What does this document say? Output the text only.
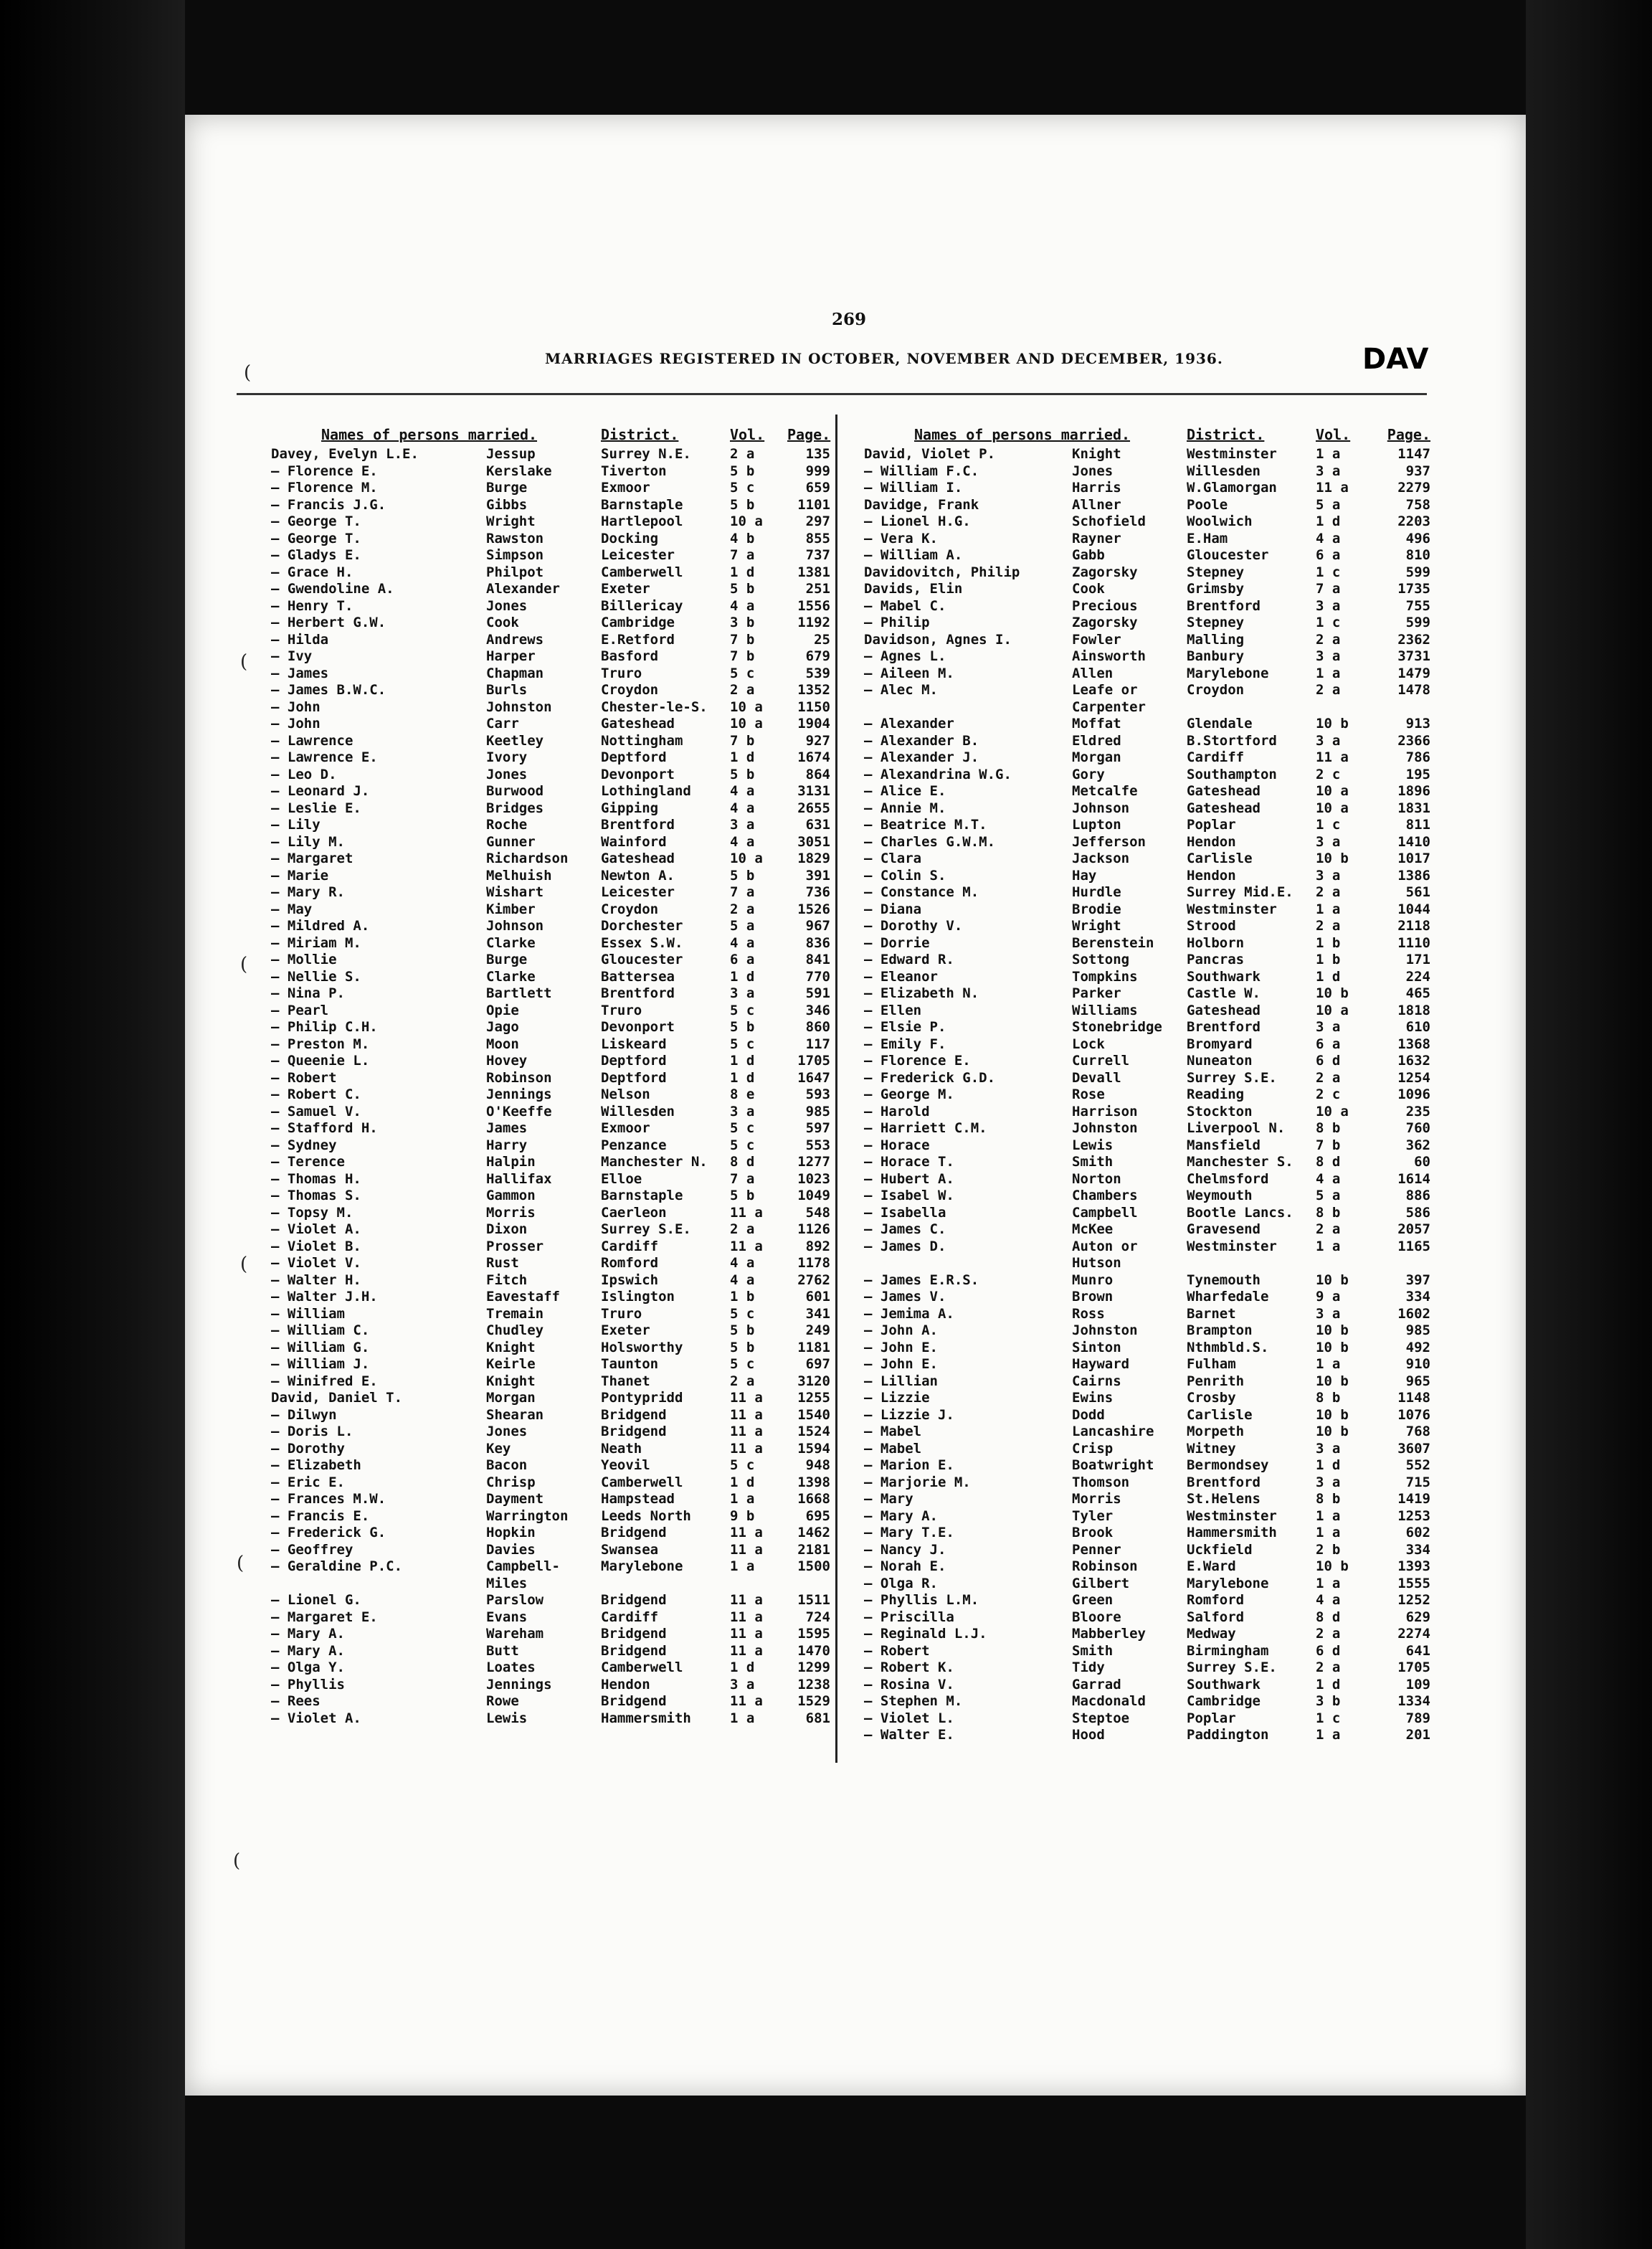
269
MARRIAGES REGISTERED IN OCTOBER, NOVEMBER AND DECEMBER, 1936.	DAV
(
(
(
(
(
(
Names of persons married.	District.	Vol.	Page.
Davey, Evelyn L.E.	Jessup	Surrey N.E.	2 a	135
— Florence E.	Kerslake	Tiverton	5 b	999
— Florence M.	Burge	Exmoor	5 c	659
— Francis J.G.	Gibbs	Barnstaple	5 b	1101
— George T.	Wright	Hartlepool	10 a	297
— George T.	Rawston	Docking	4 b	855
— Gladys E.	Simpson	Leicester	7 a	737
— Grace H.	Philpot	Camberwell	1 d	1381
— Gwendoline A.	Alexander	Exeter	5 b	251
— Henry T.	Jones	Billericay	4 a	1556
— Herbert G.W.	Cook	Cambridge	3 b	1192
— Hilda	Andrews	E.Retford	7 b	25
— Ivy	Harper	Basford	7 b	679
— James	Chapman	Truro	5 c	539
— James B.W.C.	Burls	Croydon	2 a	1352
— John	Johnston	Chester-le-S.	10 a	1150
— John	Carr	Gateshead	10 a	1904
— Lawrence	Keetley	Nottingham	7 b	927
— Lawrence E.	Ivory	Deptford	1 d	1674
— Leo D.	Jones	Devonport	5 b	864
— Leonard J.	Burwood	Lothingland	4 a	3131
— Leslie E.	Bridges	Gipping	4 a	2655
— Lily	Roche	Brentford	3 a	631
— Lily M.	Gunner	Wainford	4 a	3051
— Margaret	Richardson	Gateshead	10 a	1829
— Marie	Melhuish	Newton A.	5 b	391
— Mary R.	Wishart	Leicester	7 a	736
— May	Kimber	Croydon	2 a	1526
— Mildred A.	Johnson	Dorchester	5 a	967
— Miriam M.	Clarke	Essex S.W.	4 a	836
— Mollie	Burge	Gloucester	6 a	841
— Nellie S.	Clarke	Battersea	1 d	770
— Nina P.	Bartlett	Brentford	3 a	591
— Pearl	Opie	Truro	5 c	346
— Philip C.H.	Jago	Devonport	5 b	860
— Preston M.	Moon	Liskeard	5 c	117
— Queenie L.	Hovey	Deptford	1 d	1705
— Robert	Robinson	Deptford	1 d	1647
— Robert C.	Jennings	Nelson	8 e	593
— Samuel V.	O'Keeffe	Willesden	3 a	985
— Stafford H.	James	Exmoor	5 c	597
— Sydney	Harry	Penzance	5 c	553
— Terence	Halpin	Manchester N.	8 d	1277
— Thomas H.	Hallifax	Elloe	7 a	1023
— Thomas S.	Gammon	Barnstaple	5 b	1049
— Topsy M.	Morris	Caerleon	11 a	548
— Violet A.	Dixon	Surrey S.E.	2 a	1126
— Violet B.	Prosser	Cardiff	11 a	892
— Violet V.	Rust	Romford	4 a	1178
— Walter H.	Fitch	Ipswich	4 a	2762
— Walter J.H.	Eavestaff	Islington	1 b	601
— William	Tremain	Truro	5 c	341
— William C.	Chudley	Exeter	5 b	249
— William G.	Knight	Holsworthy	5 b	1181
— William J.	Keirle	Taunton	5 c	697
— Winifred E.	Knight	Thanet	2 a	3120
David, Daniel T.	Morgan	Pontypridd	11 a	1255
— Dilwyn	Shearan	Bridgend	11 a	1540
— Doris L.	Jones	Bridgend	11 a	1524
— Dorothy	Key	Neath	11 a	1594
— Elizabeth	Bacon	Yeovil	5 c	948
— Eric E.	Chrisp	Camberwell	1 d	1398
— Frances M.W.	Dayment	Hampstead	1 a	1668
— Francis E.	Warrington	Leeds North	9 b	695
— Frederick G.	Hopkin	Bridgend	11 a	1462
— Geoffrey	Davies	Swansea	11 a	2181
— Geraldine P.C.	Campbell-	Marylebone	1 a	1500
Miles
— Lionel G.	Parslow	Bridgend	11 a	1511
— Margaret E.	Evans	Cardiff	11 a	724
— Mary A.	Wareham	Bridgend	11 a	1595
— Mary A.	Butt	Bridgend	11 a	1470
— Olga Y.	Loates	Camberwell	1 d	1299
— Phyllis	Jennings	Hendon	3 a	1238
— Rees	Rowe	Bridgend	11 a	1529
— Violet A.	Lewis	Hammersmith	1 a	681
Names of persons married.	District.	Vol.	Page.
David, Violet P.	Knight	Westminster	1 a	1147
— William F.C.	Jones	Willesden	3 a	937
— William I.	Harris	W.Glamorgan	11 a	2279
Davidge, Frank	Allner	Poole	5 a	758
— Lionel H.G.	Schofield	Woolwich	1 d	2203
— Vera K.	Rayner	E.Ham	4 a	496
— William A.	Gabb	Gloucester	6 a	810
Davidovitch, Philip	Zagorsky	Stepney	1 c	599
Davids, Elin	Cook	Grimsby	7 a	1735
— Mabel C.	Precious	Brentford	3 a	755
— Philip	Zagorsky	Stepney	1 c	599
Davidson, Agnes I.	Fowler	Malling	2 a	2362
— Agnes L.	Ainsworth	Banbury	3 a	3731
— Aileen M.	Allen	Marylebone	1 a	1479
— Alec M.	Leafe or	Croydon	2 a	1478
Carpenter
— Alexander	Moffat	Glendale	10 b	913
— Alexander B.	Eldred	B.Stortford	3 a	2366
— Alexander J.	Morgan	Cardiff	11 a	786
— Alexandrina W.G.	Gory	Southampton	2 c	195
— Alice E.	Metcalfe	Gateshead	10 a	1896
— Annie M.	Johnson	Gateshead	10 a	1831
— Beatrice M.T.	Lupton	Poplar	1 c	811
— Charles G.W.M.	Jefferson	Hendon	3 a	1410
— Clara	Jackson	Carlisle	10 b	1017
— Colin S.	Hay	Hendon	3 a	1386
— Constance M.	Hurdle	Surrey Mid.E.	2 a	561
— Diana	Brodie	Westminster	1 a	1044
— Dorothy V.	Wright	Strood	2 a	2118
— Dorrie	Berenstein	Holborn	1 b	1110
— Edward R.	Sottong	Pancras	1 b	171
— Eleanor	Tompkins	Southwark	1 d	224
— Elizabeth N.	Parker	Castle W.	10 b	465
— Ellen	Williams	Gateshead	10 a	1818
— Elsie P.	Stonebridge	Brentford	3 a	610
— Emily F.	Lock	Bromyard	6 a	1368
— Florence E.	Currell	Nuneaton	6 d	1632
— Frederick G.D.	Devall	Surrey S.E.	2 a	1254
— George M.	Rose	Reading	2 c	1096
— Harold	Harrison	Stockton	10 a	235
— Harriett C.M.	Johnston	Liverpool N.	8 b	760
— Horace	Lewis	Mansfield	7 b	362
— Horace T.	Smith	Manchester S.	8 d	60
— Hubert A.	Norton	Chelmsford	4 a	1614
— Isabel W.	Chambers	Weymouth	5 a	886
— Isabella	Campbell	Bootle Lancs.	8 b	586
— James C.	McKee	Gravesend	2 a	2057
— James D.	Auton or	Westminster	1 a	1165
Hutson
— James E.R.S.	Munro	Tynemouth	10 b	397
— James V.	Brown	Wharfedale	9 a	334
— Jemima A.	Ross	Barnet	3 a	1602
— John A.	Johnston	Brampton	10 b	985
— John E.	Sinton	Nthmbld.S.	10 b	492
— John E.	Hayward	Fulham	1 a	910
— Lillian	Cairns	Penrith	10 b	965
— Lizzie	Ewins	Crosby	8 b	1148
— Lizzie J.	Dodd	Carlisle	10 b	1076
— Mabel	Lancashire	Morpeth	10 b	768
— Mabel	Crisp	Witney	3 a	3607
— Marion E.	Boatwright	Bermondsey	1 d	552
— Marjorie M.	Thomson	Brentford	3 a	715
— Mary	Morris	St.Helens	8 b	1419
— Mary A.	Tyler	Westminster	1 a	1253
— Mary T.E.	Brook	Hammersmith	1 a	602
— Nancy J.	Penner	Uckfield	2 b	334
— Norah E.	Robinson	E.Ward	10 b	1393
— Olga R.	Gilbert	Marylebone	1 a	1555
— Phyllis L.M.	Green	Romford	4 a	1252
— Priscilla	Bloore	Salford	8 d	629
— Reginald L.J.	Mabberley	Medway	2 a	2274
— Robert	Smith	Birmingham	6 d	641
— Robert K.	Tidy	Surrey S.E.	2 a	1705
— Rosina V.	Garrad	Southwark	1 d	109
— Stephen M.	Macdonald	Cambridge	3 b	1334
— Violet L.	Steptoe	Poplar	1 c	789
— Walter E.	Hood	Paddington	1 a	201
